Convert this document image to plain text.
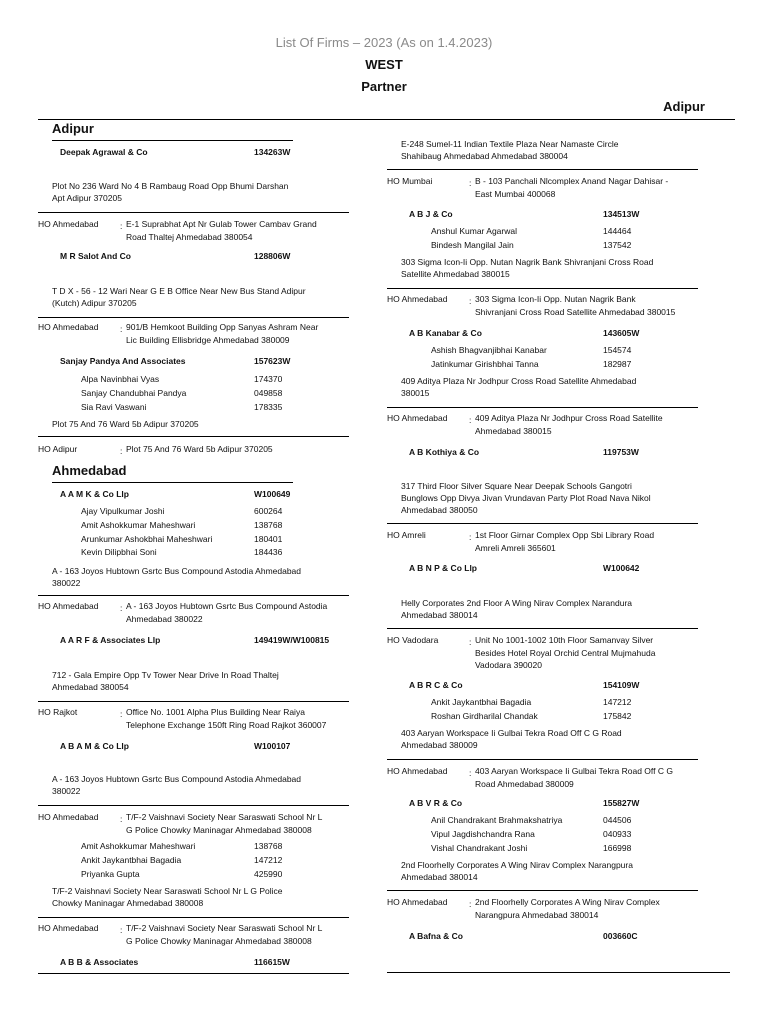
List Of Firms – 2023 (As on 1.4.2023)
WEST
Partner
Adipur
Adipur
Deepak Agrawal & Co	134263W
Plot No 236 Ward No 4 B Rambaug Road Opp Bhumi Darshan
Apt Adipur 370205
HO Ahmedabad	: E-1 Suprabhat Apt Nr Gulab Tower Cambav Grand
Road Thaltej Ahmedabad 380054
M R Salot And Co	128806W
T D X - 56 - 12 Wari Near G E B Office Near New Bus Stand Adipur
(Kutch) Adipur 370205
HO Ahmedabad	: 901/B Hemkoot Building Opp Sanyas Ashram Near
Lic Building Ellisbridge Ahmedabad 380009
Sanjay Pandya And Associates	157623W
Alpa Navinbhai Vyas	174370
Sanjay Chandubhai Pandya	049858
Sia Ravi Vaswani	178335
Plot 75 And 76 Ward 5b Adipur 370205
HO Adipur	: Plot 75 And 76 Ward 5b Adipur 370205
Ahmedabad
A A M K & Co Llp	W100649
Ajay Vipulkumar Joshi	600264
Amit Ashokkumar Maheshwari	138768
Arunkumar Ashokbhai Maheshwari	180401
Kevin Dilipbhai Soni	184436
A - 163 Joyos Hubtown Gsrtc Bus Compound Astodia Ahmedabad
380022
HO Ahmedabad	: A - 163 Joyos Hubtown Gsrtc Bus Compound Astodia
Ahmedabad 380022
A A R F & Associates Llp	149419W/W100815
712 - Gala Empire Opp Tv Tower Near Drive In Road Thaltej
Ahmedabad 380054
HO Rajkot	: Office No. 1001 Alpha Plus Building Near Raiya
Telephone Exchange 150ft Ring Road Rajkot 360007
A B A M & Co Llp	W100107
A - 163 Joyos Hubtown Gsrtc Bus Compound Astodia Ahmedabad
380022
HO Ahmedabad	: T/F-2 Vaishnavi Society Near Saraswati School Nr L
G Police Chowky Maninagar Ahmedabad 380008
Amit Ashokkumar Maheshwari	138768
Ankit Jaykantbhai Bagadia	147212
Priyanka Gupta	425990
T/F-2 Vaishnavi Society Near Saraswati School Nr L G Police
Chowky Maninagar Ahmedabad 380008
HO Ahmedabad	: T/F-2 Vaishnavi Society Near Saraswati School Nr L
G Police Chowky Maninagar Ahmedabad 380008
A B B & Associates	116615W
E-248 Sumel-11 Indian Textile Plaza Near Namaste Circle
Shahibaug Ahmedabad Ahmedabad 380004
HO Mumbai	: B - 103 Panchali Nlcomplex Anand Nagar Dahisar -
East Mumbai 400068
A B J & Co	134513W
Anshul Kumar Agarwal	144464
Bindesh Mangilal Jain	137542
303 Sigma Icon-Ii Opp. Nutan Nagrik Bank Shivranjani Cross Road
Satellite Ahmedabad 380015
HO Ahmedabad	: 303 Sigma Icon-Ii Opp. Nutan Nagrik Bank
Shivranjani Cross Road Satellite Ahmedabad 380015
A B Kanabar & Co	143605W
Ashish Bhagvanjibhai Kanabar	154574
Jatinkumar Girishbhai Tanna	182987
409 Aditya Plaza Nr Jodhpur Cross Road Satellite Ahmedabad
380015
HO Ahmedabad	: 409 Aditya Plaza Nr Jodhpur Cross Road Satellite
Ahmedabad 380015
A B Kothiya & Co	119753W
317 Third Floor Silver Square Near Deepak Schools Gangotri
Bunglows Opp Divya Jivan Vrundavan Party Plot Road Nava Nikol
Ahmedabad 380050
HO Amreli	: 1st Floor Girnar Complex Opp Sbi Library Road
Amreli Amreli 365601
A B N P & Co Llp	W100642
Helly Corporates 2nd Floor A Wing Nirav Complex Narandura
Ahmedabad 380014
HO Vadodara	: Unit No 1001-1002 10th Floor Samanvay Silver
Besides Hotel Royal Orchid Central Mujmahuda
Vadodara 390020
A B R C & Co	154109W
Ankit Jaykantbhai Bagadia	147212
Roshan Girdharilal Chandak	175842
403 Aaryan Workspace Ii Gulbai Tekra Road Off C G Road
Ahmedabad 380009
HO Ahmedabad	: 403 Aaryan Workspace Ii Gulbai Tekra Road Off C G
Road Ahmedabad 380009
A B V R & Co	155827W
Anil Chandrakant Brahmakshatriya	044506
Vipul Jagdishchandra Rana	040933
Vishal Chandrakant Joshi	166998
2nd Floorhelly Corporates A Wing Nirav Complex Narangpura
Ahmedabad 380014
HO Ahmedabad	: 2nd Floorhelly Corporates A Wing Nirav Complex
Narangpura Ahmedabad 380014
A Bafna & Co	003660C
